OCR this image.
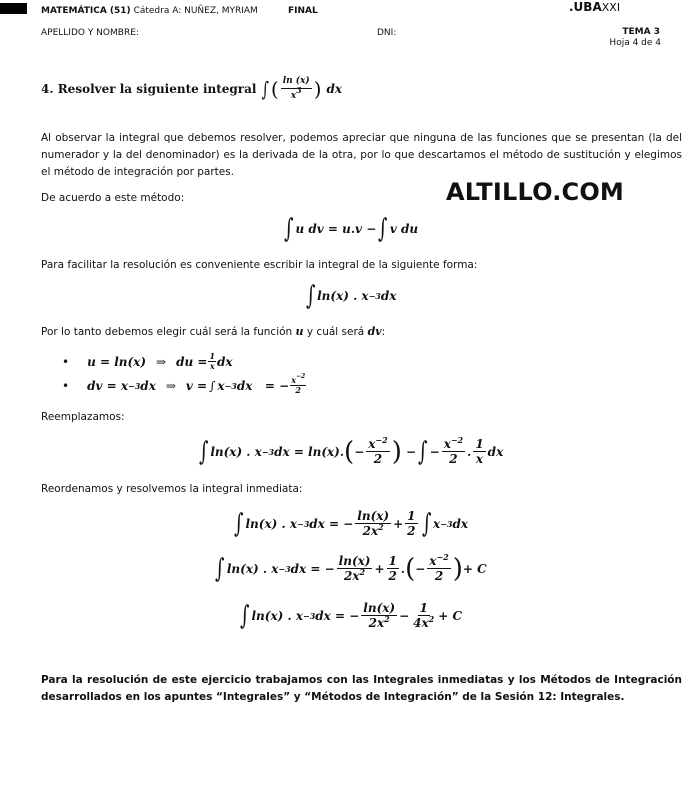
MATEMÁTICA (51) Cátedra A: NUÑEZ, MYRIAM	FINAL	.UBAXXI
APELLIDO Y NOMBRE:	DNI:	TEMA 3
Hoja 4 de 4
4. Resolver la siguiente integral ∫ ( $\frac{\ln (x)}{x^3}$ ) dx
Al observar la integral que debemos resolver, podemos apreciar que ninguna de las funciones que se presentan (la del numerador y la del denominador) es la derivada de la otra, por lo que descartamos el método de sustitución y elegimos el método de integración por partes.
ALTILLO.COM
De acuerdo a este método:
∫ u dv = u.v − ∫ v du
Para facilitar la resolución es conveniente escribir la integral de la siguiente forma:
∫ ln(x) . x −3 dx
Por lo tanto debemos elegir cuál será la función u y cuál será dv:
• u = ln(x) ⇒ du = 1
x dx
• dv = x −3 dx ⇒ v = ∫ x −3 dx   = − $x^{-2}$
2
Reemplazamos:
∫ ln(x) . x −3 dx = ln(x). ( − $\frac{x^{-2}}{2}$ ) − ∫ − $\frac{x^{-2}}{2}$ . $\frac{1}{x}$ dx
Reordenamos y resolvemos la integral inmediata:
∫ ln(x) . x −3 dx = − $\frac{\ln(x)}{2x^2} + \frac{1}{2}$ ∫ x −3 dx
∫ ln(x) . x −3 dx = − $\frac{\ln(x)}{2x^2} + \frac{1}{2}$ . ( − $\frac{x^{-2}}{2}$ ) + C
∫ ln(x) . x −3 dx = − $\frac{\ln(x)}{2x^2} - \frac{1}{4x^2} + C$
Para la resolución de este ejercicio trabajamos con las Integrales inmediatas y los Métodos de Integración desarrollados en los apuntes “Integrales” y “Métodos de Integración” de la Sesión 12: Integrales.
